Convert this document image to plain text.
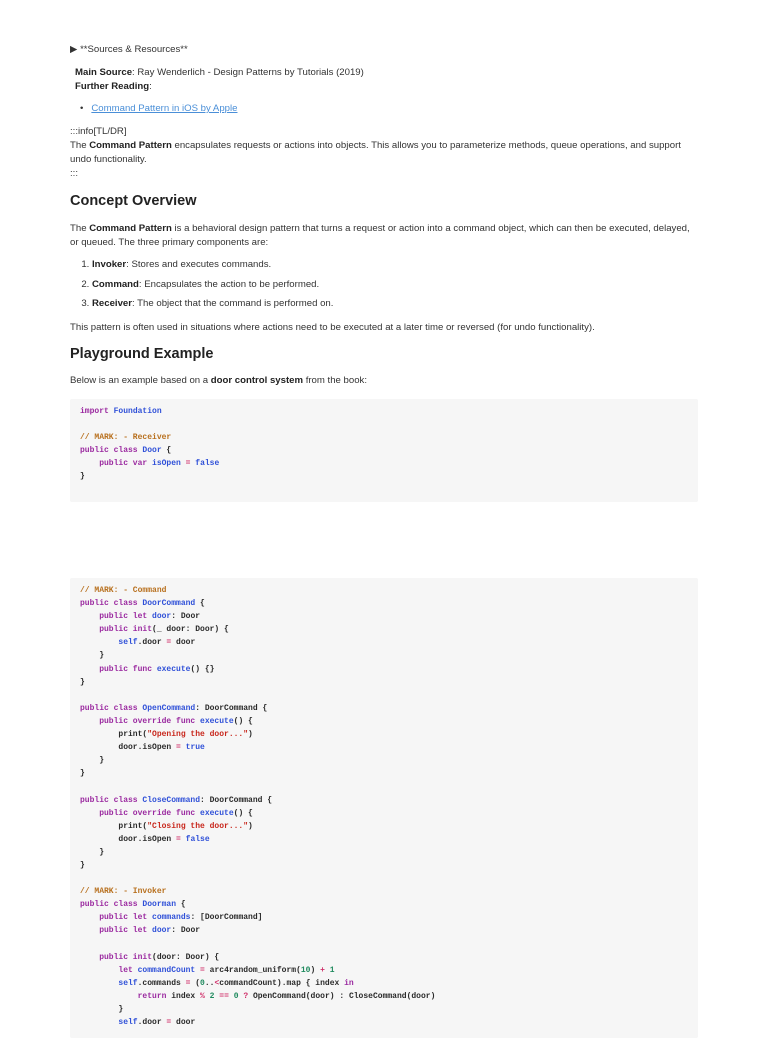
▶ **Sources & Resources**
Main Source: Ray Wenderlich - Design Patterns by Tutorials (2019)
Further Reading:
•   Command Pattern in iOS by Apple
:::info[TL/DR]
The Command Pattern encapsulates requests or actions into objects. This allows you to parameterize methods, queue operations, and support undo functionality.
:::
Concept Overview
The Command Pattern is a behavioral design pattern that turns a request or action into a command object, which can then be executed, delayed, or queued. The three primary components are:
1. Invoker: Stores and executes commands.
2. Command: Encapsulates the action to be performed.
3. Receiver: The object that the command is performed on.
This pattern is often used in situations where actions need to be executed at a later time or reversed (for undo functionality).
Playground Example
Below is an example based on a door control system from the book:
import Foundation
// MARK: - Receiver
public class Door {
public var isOpen = false
}
// MARK: - Command
public class DoorCommand {
public let door: Door
public init(_ door: Door) {
self.door = door
}
public func execute() {}
}
public class OpenCommand: DoorCommand {
public override func execute() {
print("Opening the door...")
door.isOpen = true
}
}
public class CloseCommand: DoorCommand {
public override func execute() {
print("Closing the door...")
door.isOpen = false
}
}
// MARK: - Invoker
public class Doorman {
public let commands: [DoorCommand]
public let door: Door
public init(door: Door) {
let commandCount = arc4random_uniform(10) + 1
self.commands = (0..<commandCount).map { index in
return index % 2 == 0 ? OpenCommand(door) : CloseCommand(door)
}
self.door = door
